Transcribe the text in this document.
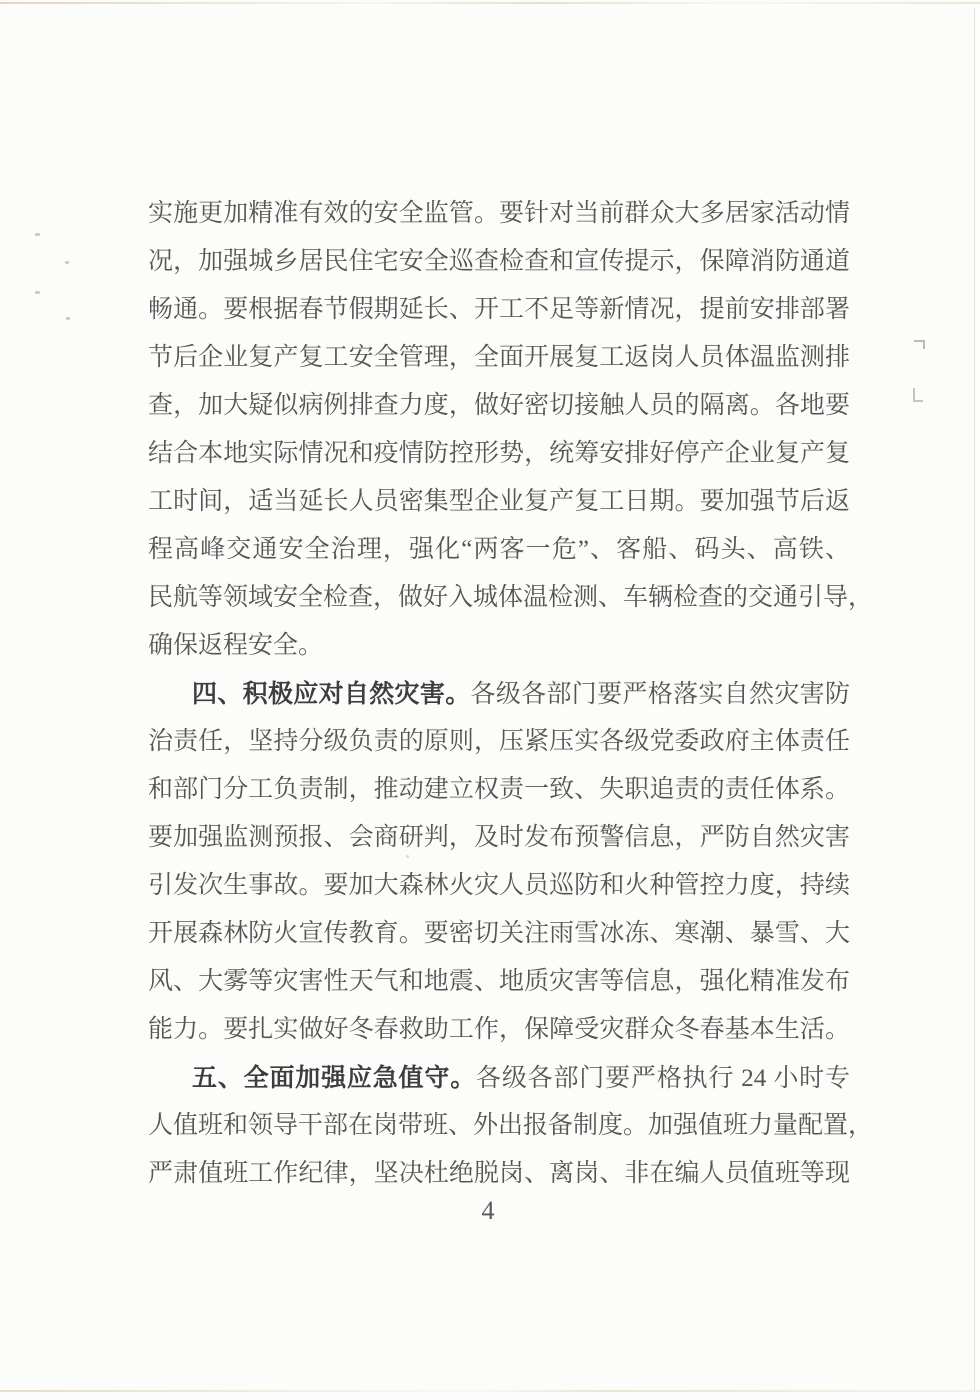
实施更加精准有效的安全监管。要针对当前群众大多居家活动情
况，加强城乡居民住宅安全巡查检查和宣传提示，保障消防通道
畅通。要根据春节假期延长、开工不足等新情况，提前安排部署
节后企业复产复工安全管理，全面开展复工返岗人员体温监测排
查，加大疑似病例排查力度，做好密切接触人员的隔离。各地要
结合本地实际情况和疫情防控形势，统筹安排好停产企业复产复
工时间，适当延长人员密集型企业复产复工日期。要加强节后返
程高峰交通安全治理，强化“两客一危”、客船、码头、高铁、
民航等领域安全检查，做好入城体温检测、车辆检查的交通引导，
确保返程安全。
四、积极应对自然灾害。各级各部门要严格落实自然灾害防
治责任，坚持分级负责的原则，压紧压实各级党委政府主体责任
和部门分工负责制，推动建立权责一致、失职追责的责任体系。
要加强监测预报、会商研判，及时发布预警信息，严防自然灾害
引发次生事故。要加大森林火灾人员巡防和火种管控力度，持续
开展森林防火宣传教育。要密切关注雨雪冰冻、寒潮、暴雪、大
风、大雾等灾害性天气和地震、地质灾害等信息，强化精准发布
能力。要扎实做好冬春救助工作，保障受灾群众冬春基本生活。
五、全面加强应急值守。各级各部门要严格执行 24 小时专
人值班和领导干部在岗带班、外出报备制度。加强值班力量配置，
严肃值班工作纪律，坚决杜绝脱岗、离岗、非在编人员值班等现
4
